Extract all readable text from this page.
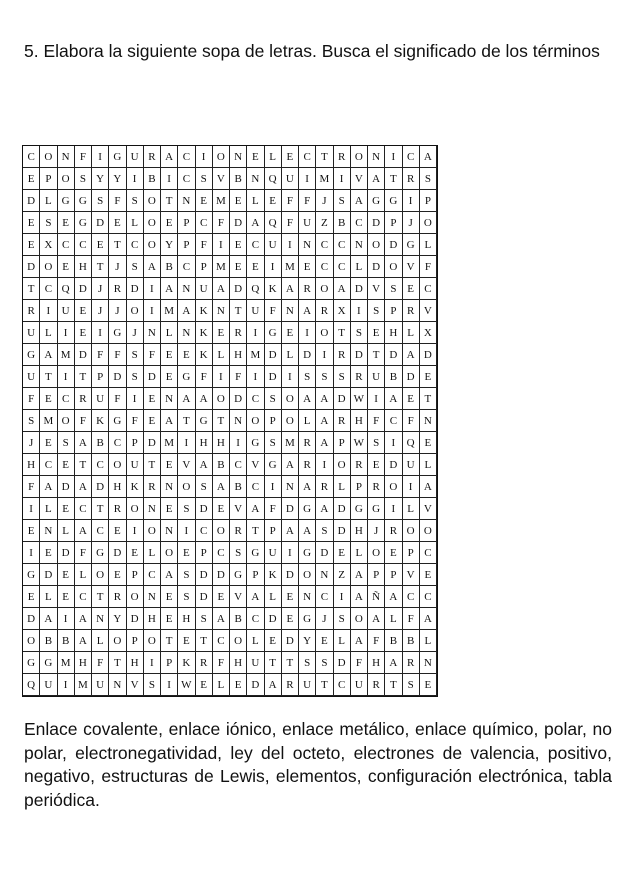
5. Elabora la siguiente sopa de letras. Busca el significado de los términos
C O N F	I	G U R A C	I	O N E L E C T R O N	I	C A
E P O S Y Y	I	B	I	C S V B N Q U	I M I	V A T R S
D L G G S	F	S O T N E M E L E F	F	J	S A G G	I	P
E S E G D E L O E P C F D A Q F U Z B C D P	J	O
E X C C E T C O Y P	F	I	E C U	I	N C C N O D G L
D O E H T	J	S A B C P M E E	I M E C C L D O V F
T C Q D	J	R D	I	A N U A D Q K A R O A D V S E C
R	I	U E	J	J	O	I M A K N T U F N A R X	I	S	P R V
U L	I	E	I	G	J	N L N K E R	I	G E	I	O T S E H L X
G A M D F	F	S	F E E K L H M D L D	I	R D T D A D
U T	I	T P D S D E G F	I	F	I	D	I	S	S	S R U B D E
F E C R U F	I	E N A A O D C S O A A D W I	A E T
S M O F K G F E A T G T N O P O L A R H F C F N
J	E S A B C P D M I	H H	I	G S M R A P W S	I	Q E
H C E T C O U T E V A B C V G A R	I	O R E D U L
F A D A D H K R N O S A B C	I	N A R L P R O	I	A
I	L E C T R O N E S D E V A F D G A D G G	I	L V
E N L A C E	I	O N	I	C O R T P A A S D H	J	R O O
I	E D F G D E L O E P C S G U	I	G D E L O E P C
G D E L O E P C A S D D G P K D O N Z A P	P V E
E L E C T R O N E S D E V A L E N C	I	A Ñ A C C
D A	I	A N Y D H E H S A B C D E G	J	S O A L F A
O B B A L O P O T E T C O L E D Y E L A F B B L
G G M H F T H	I	P K R F H U T T S	S D F H A R N
Q U	I M U N V S	I W E L E D A R U T C U R T S E
Enlace covalente, enlace iónico, enlace metálico, enlace químico, polar, no polar, electronegatividad, ley del octeto, electrones de valencia, positivo, negativo, estructuras de Lewis, elementos, configuración electrónica, tabla periódica.
